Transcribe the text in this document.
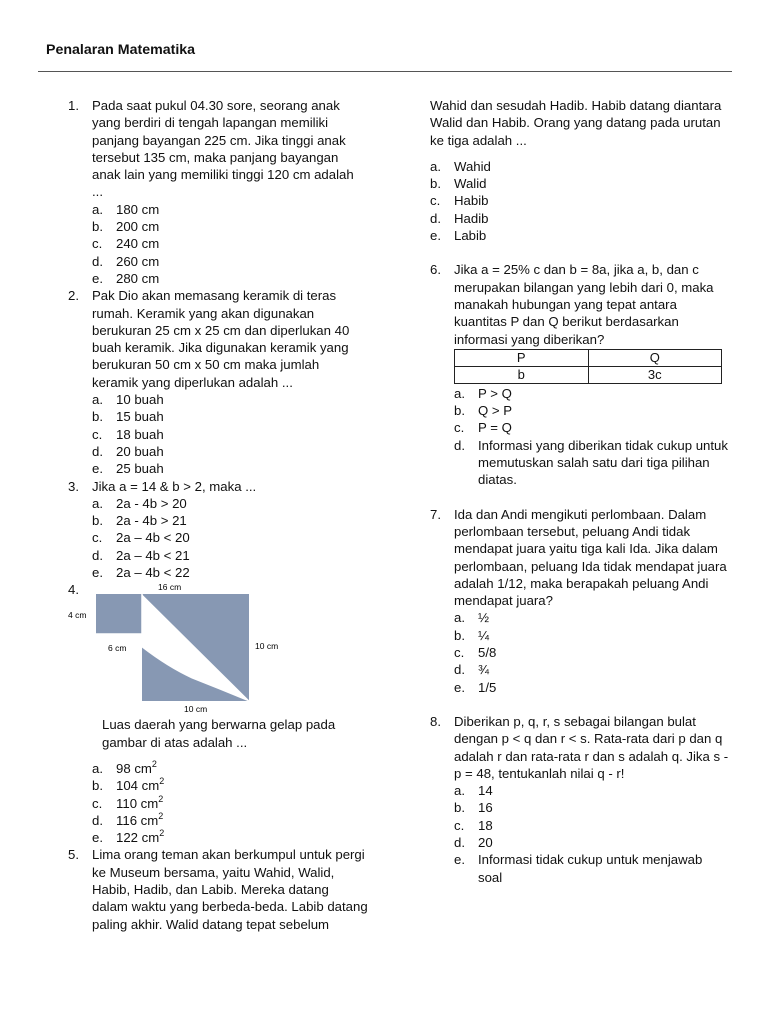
Penalaran Matematika
1. Pada saat pukul 04.30 sore, seorang anak yang berdiri di tengah lapangan memiliki panjang bayangan 225 cm. Jika tinggi anak tersebut 135 cm, maka panjang bayangan anak lain yang memiliki tinggi 120 cm adalah ...
a. 180 cm
b. 200 cm
c. 240 cm
d. 260 cm
e. 280 cm
2. Pak Dio akan memasang keramik di teras rumah. Keramik yang akan digunakan berukuran 25 cm x 25 cm dan diperlukan 40 buah keramik. Jika digunakan keramik yang berukuran 50 cm x 50 cm maka jumlah keramik yang diperlukan adalah ...
a. 10 buah
b. 15 buah
c. 18 buah
d. 20 buah
e. 25 buah
3. Jika a = 14 & b > 2, maka ...
a. 2a - 4b > 20
b. 2a - 4b > 21
c. 2a – 4b < 20
d. 2a – 4b < 21
e. 2a – 4b < 22
4.	16 cm
4 cm
6 cm	10 cm
10 cm
Luas daerah yang berwarna gelap pada gambar di atas adalah ...
a. 98 $cm^2$
b. 104 $cm^2$
c. 110 $cm^2$
d. 116 $cm^2$
e. 122 $cm^2$
5. Lima orang teman akan berkumpul untuk pergi ke Museum bersama, yaitu Wahid, Walid, Habib, Hadib, dan Labib. Mereka datang dalam waktu yang berbeda-beda. Labib datang paling akhir. Walid datang tepat sebelum
Wahid dan sesudah Hadib. Habib datang diantara Walid dan Habib. Orang yang datang pada urutan ke tiga adalah ...
a. Wahid
b. Walid
c. Habib
d. Hadib
e. Labib
6. Jika a = 25% c dan b = 8a, jika a, b, dan c merupakan bilangan yang lebih dari 0, maka manakah hubungan yang tepat antara kuantitas P dan Q berikut berdasarkan informasi yang diberikan?
P	Q
b	3c
a. P > Q
b. Q > P
c. P = Q
d. Informasi yang diberikan tidak cukup untuk memutuskan salah satu dari tiga pilihan diatas.
7. Ida dan Andi mengikuti perlombaan. Dalam perlombaan tersebut, peluang Andi tidak mendapat juara yaitu tiga kali Ida. Jika dalam perlombaan, peluang Ida tidak mendapat juara adalah 1/12, maka berapakah peluang Andi mendapat juara?
a. ½
b. ¼
c. 5/8
d. ¾
e. 1/5
8. Diberikan p, q, r, s sebagai bilangan bulat dengan p < q dan r < s. Rata-rata dari p dan q adalah r dan rata-rata r dan s adalah q. Jika s - p = 48, tentukanlah nilai q - r!
a. 14
b. 16
c. 18
d. 20
e. Informasi tidak cukup untuk menjawab soal
